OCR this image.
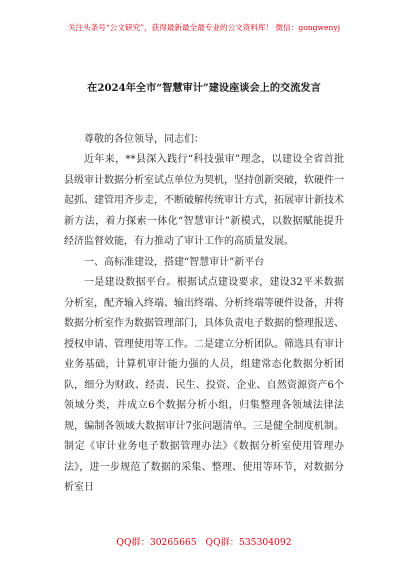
关注头条号“公文研究”，获得最新最全最专业的公文资料库！ 微信：gongwenyj
在2024年全市“智慧审计”建设座谈会上的交流发言
尊敬的各位领导，同志们：

近年来，**县深入践行“科技强审”理念，以建设全省首批县级审计数据分析室试点单位为契机，坚持创新突破，软硬件一起抓、建管用齐步走，不断破解传统审计方式，拓展审计新技术新方法，着力探索一体化“智慧审计”新模式，以数据赋能提升经济监督效能，有力推动了审计工作的高质量发展。

一、高标准建设，搭建“智慧审计”新平台

一是建设数据平台。根据试点建设要求，建设32平米数据分析室，配齐输入终端、输出终端、分析终端等硬件设备，并将数据分析室作为数据管理部门，具体负责电子数据的整理报送、授权申请、管理使用等工作。二是建立分析团队。筛选具有审计业务基础，计算机审计能力强的人员，组建常态化数据分析团队，细分为财政、经责、民生、投资、企业、自然资源资产6个领域分类，并成立6个数据分析小组，归集整理各领域法律法规，编制各领域大数据审计7张问题清单。三是健全制度机制。制定《审计业务电子数据管理办法》《数据分析室使用管理办法》，进一步规范了数据的采集、整理、使用等环节，对数据分析室日

QQ群：30265665 QQ群：535304092
